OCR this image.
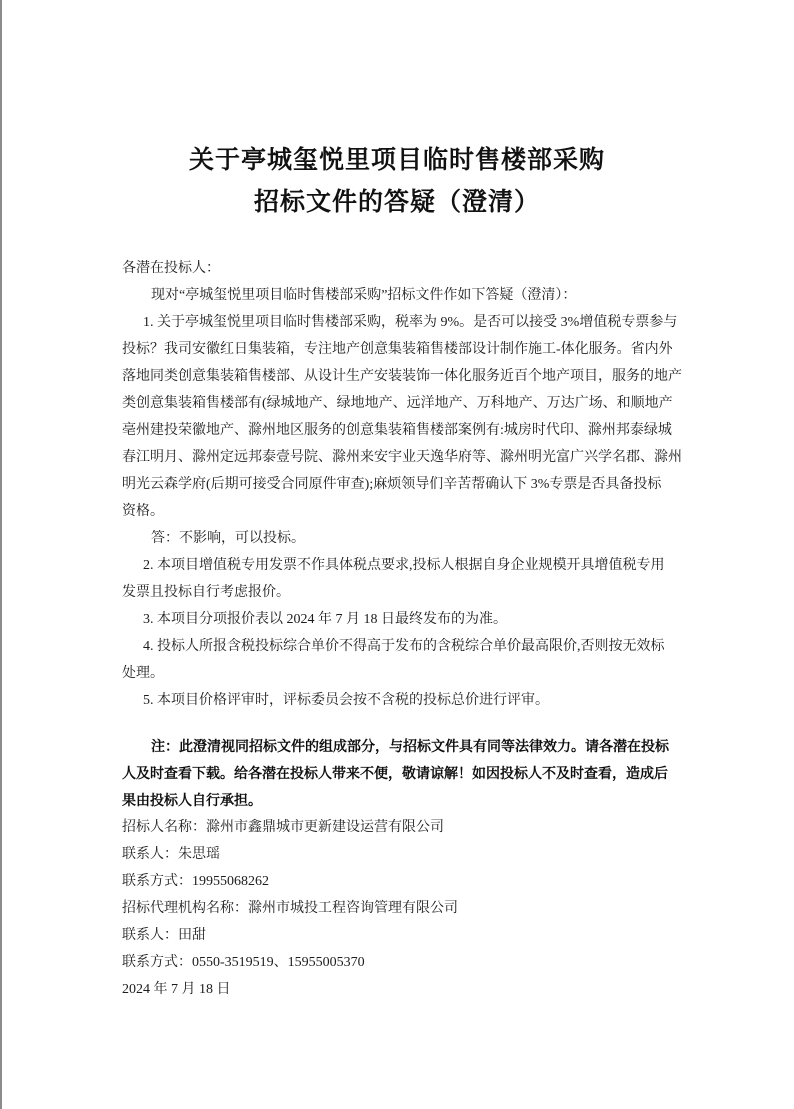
关于亭城玺悦里项目临时售楼部采购
招标文件的答疑（澄清）
各潜在投标人：
现对“亭城玺悦里项目临时售楼部采购”招标文件作如下答疑（澄清）：
1. 关于亭城玺悦里项目临时售楼部采购，税率为 9%。是否可以接受 3%增值税专票参与
投标？我司安徽红日集装箱，专注地产创意集装箱售楼部设计制作施工-体化服务。省内外
落地同类创意集装箱售楼部、从设计生产安装装饰一体化服务近百个地产项目，服务的地产
类创意集装箱售楼部有(绿城地产、绿地地产、远洋地产、万科地产、万达广场、和顺地产
亳州建投荣徽地产、滁州地区服务的创意集装箱售楼部案例有:城房时代印、滁州邦泰绿城
春江明月、滁州定远邦泰壹号院、滁州来安宇业天逸华府等、滁州明光富广兴学名郡、滁州
明光云森学府(后期可接受合同原件审查);麻烦领导们辛苦帮确认下 3%专票是否具备投标
资格。
答：不影响，可以投标。
2. 本项目增值税专用发票不作具体税点要求,投标人根据自身企业规模开具增值税专用
发票且投标自行考虑报价。
3. 本项目分项报价表以 2024 年 7 月 18 日最终发布的为准。
4. 投标人所报含税投标综合单价不得高于发布的含税综合单价最高限价,否则按无效标
处理。
5. 本项目价格评审时，评标委员会按不含税的投标总价进行评审。
注：此澄清视同招标文件的组成部分，与招标文件具有同等法律效力。请各潜在投标
人及时查看下载。给各潜在投标人带来不便，敬请谅解！如因投标人不及时查看，造成后
果由投标人自行承担。
招标人名称：滁州市鑫鼎城市更新建设运营有限公司
联系人：朱思瑶
联系方式：19955068262
招标代理机构名称：滁州市城投工程咨询管理有限公司
联系人：田甜
联系方式：0550-3519519、15955005370
2024 年 7 月 18 日
